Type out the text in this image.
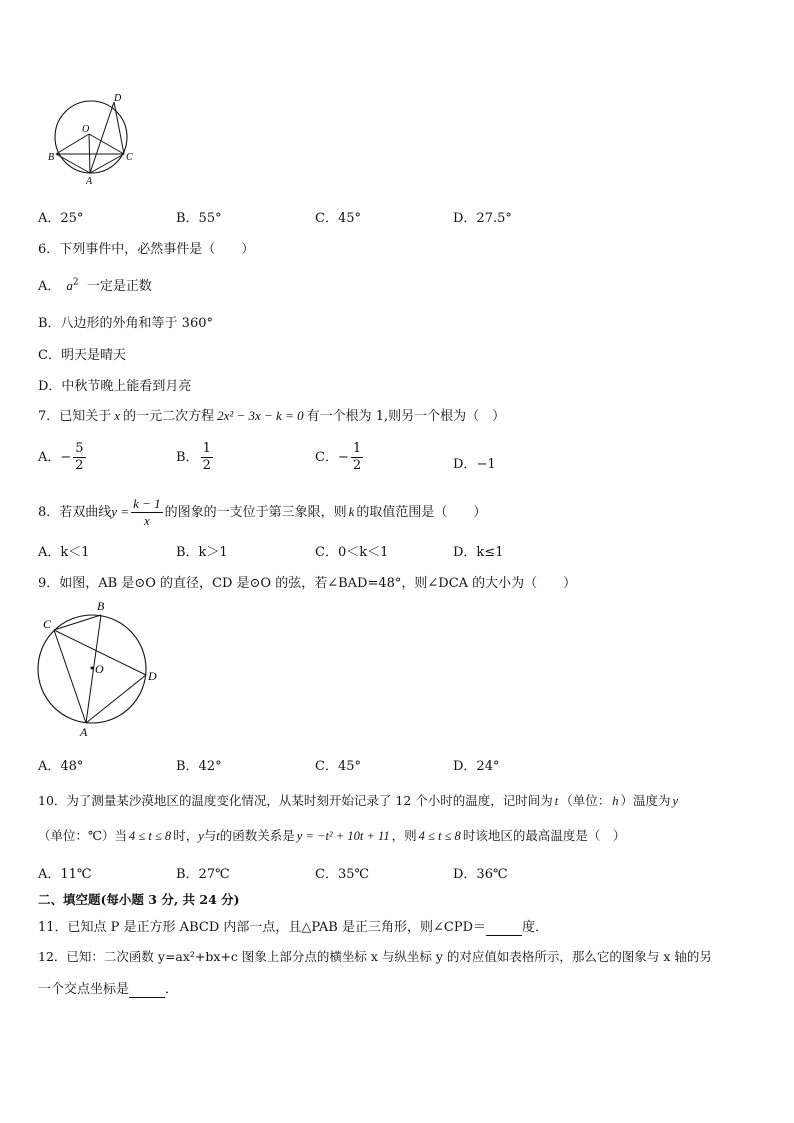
O
B	C
A
D
A．25°	B．55°	C．45°	D．27.5°
6．下列事件中，必然事件是（　　）
A． $a^2$ 一定是正数
B．八边形的外角和等于 360°
C．明天是晴天
D．中秋节晚上能看到月亮
7．已知关于 x 的一元二次方程 2x² − 3x − k = 0 有一个根为 1,则另一个根为（　）
A．− $\frac{5}{2}$	B． $\frac{1}{2}$	C．− $\frac{1}{2}$	D．−1
8．若双曲线$y = \frac{k - 1}{x}$ 的图象的一支位于第三象限，则 k 的取值范围是（　　）
A．k＜1	B．k＞1	C．0＜k＜1	D．k≤1
9．如图，AB 是⊙O 的直径，CD 是⊙O 的弦，若∠BAD=48°，则∠DCA 的大小为（　　）
B
C
O	D
A
A．48°	B．42°	C．45°	D．24°
10．为了测量某沙漠地区的温度变化情况，从某时刻开始记录了 12 个小时的温度，记时间为 t （单位： h ）温度为 y
（单位：℃）当 4 ≤ t ≤ 8 时，y与t的函数关系是 y = −t² + 10t + 11 ，则 4 ≤ t ≤ 8 时该地区的最高温度是（　）
A．11℃	B．27℃	C．35℃	D．36℃
二、填空题(每小题 3 分, 共 24 分)
11．已知点 P 是正方形 ABCD 内部一点，且△PAB 是正三角形，则∠CPD＝	度．
12．已知：二次函数 y=ax²+bx+c 图象上部分点的横坐标 x 与纵坐标 y 的对应值如表格所示，那么它的图象与 x 轴的另
一个交点坐标是	．
